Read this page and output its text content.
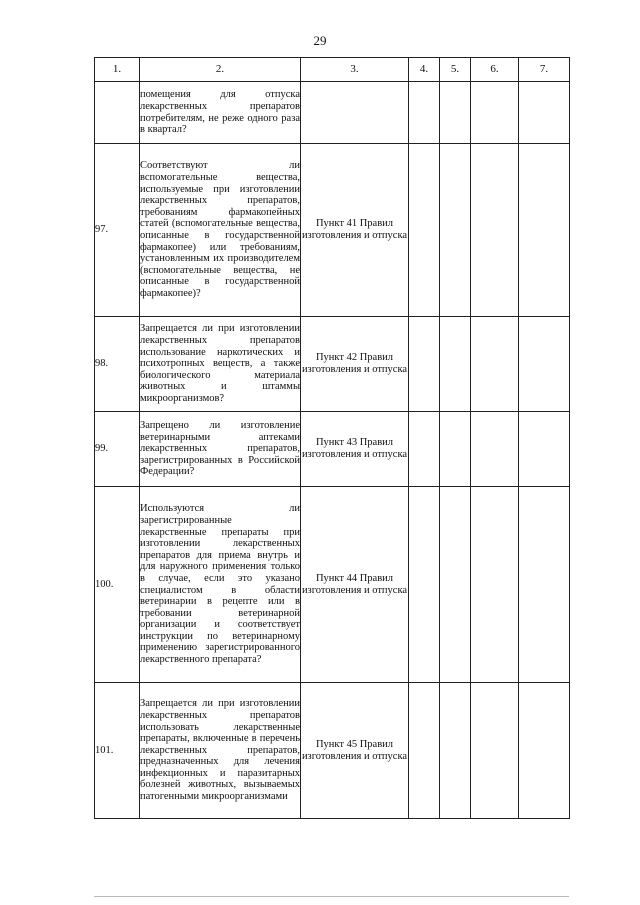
29
1.	2.	3.	4.	5.	6.	7.
	помещения для отпуска лекарственных препаратов потребителям, не реже одного раза в квартал?					
97.	Соответствуют ли вспомогательные вещества, используемые при изготовлении лекарственных препаратов, требованиям фармакопейных статей (вспомогательные вещества, описанные в государственной фармакопее) или требованиям, установленным их производителем (вспомогательные вещества, не описанные в государственной фармакопее)?	Пункт 41 Правил изготовления и отпуска				
98.	Запрещается ли при изготовлении лекарственных препаратов использование наркотических и психотропных веществ, а также биологического материала животных и штаммы микроорганизмов?	Пункт 42 Правил изготовления и отпуска				
99.	Запрещено ли изготовление ветеринарными аптеками лекарственных препаратов, зарегистрированных в Российской Федерации?	Пункт 43 Правил изготовления и отпуска				
100.	Используются ли зарегистрированные лекарственные препараты при изготовлении лекарственных препаратов для приема внутрь и для наружного применения только в случае, если это указано специалистом в области ветеринарии в рецепте или в требовании ветеринарной организации и соответствует инструкции по ветеринарному применению зарегистрированного лекарственного препарата?	Пункт 44 Правил изготовления и отпуска				
101.	Запрещается ли при изготовлении лекарственных препаратов использовать лекарственные препараты, включенные в перечень лекарственных препаратов, предназначенных для лечения инфекционных и паразитарных болезней животных, вызываемых патогенными микроорганизмами	Пункт 45 Правил изготовления и отпуска				
